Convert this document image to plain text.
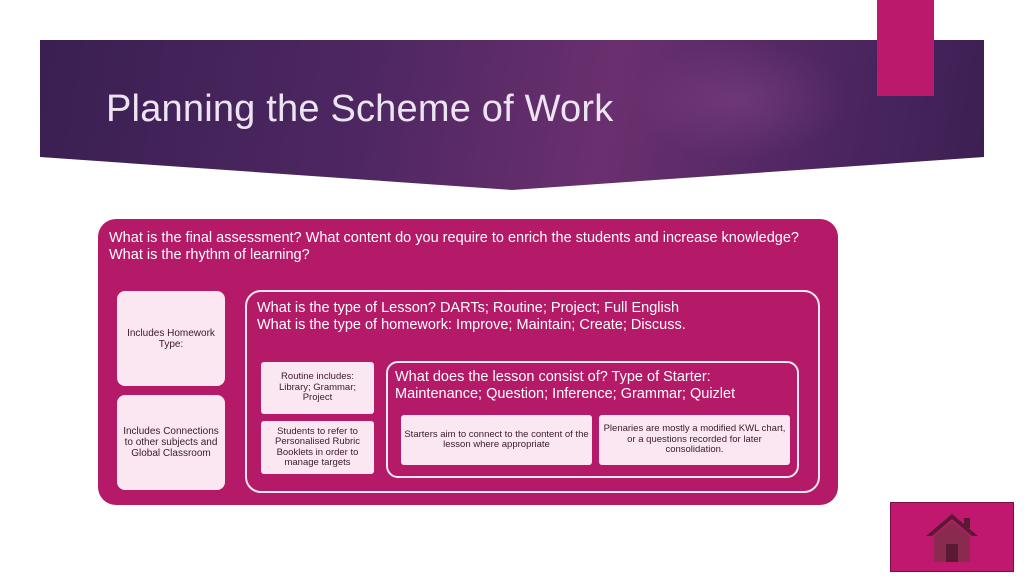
Planning the Scheme of Work

What is the final assessment? What content do you require to enrich the students and increase knowledge? What is the rhythm of learning?

Includes Homework Type:
Includes Connections to other subjects and Global Classroom

What is the type of Lesson? DARTs; Routine; Project; Full English

What is the type of homework: Improve; Maintain; Create; Discuss.

Routine includes: Library; Grammar; Project
Students to refer to Personalised Rubric Booklets in order to manage targets

What does the lesson consist of? Type of Starter:

Maintenance; Question; Inference; Grammar; Quizlet

Starters aim to connect to the content of the lesson where appropriate
Plenaries are mostly a modified KWL chart, or a questions recorded for later consolidation.
